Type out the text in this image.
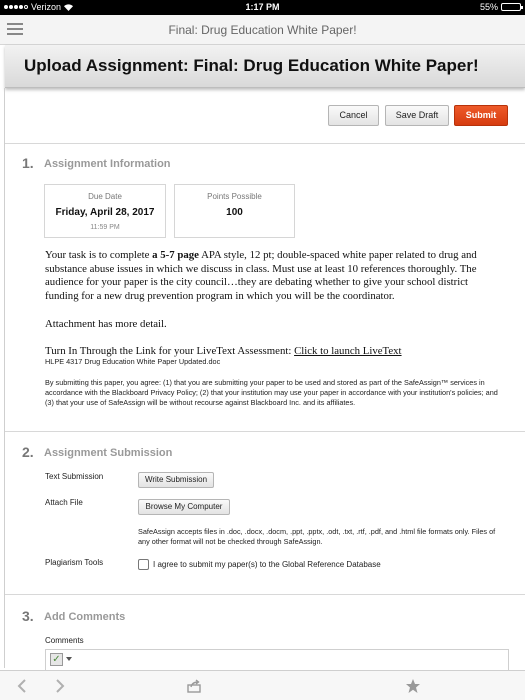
Verizon	1:17 PM	55%
Final: Drug Education White Paper!
Upload Assignment: Final: Drug Education White Paper!
Cancel	Save Draft	Submit
1. Assignment Information
Due Date
Friday, April 28, 2017
11:59 PM
Points Possible
100
Your task is to complete a 5-7 page APA style, 12 pt; double-spaced white paper related to drug and substance abuse issues in which we discuss in class. Must use at least 10 references thoroughly. The audience for your paper is the city council…they are debating whether to give your school district funding for a new drug prevention program in which you will be the coordinator.
Attachment has more detail.
Turn In Through the Link for your LiveText Assessment: Click to launch LiveText
HLPE 4317 Drug Education White Paper Updated.doc
By submitting this paper, you agree: (1) that you are submitting your paper to be used and stored as part of the SafeAssign™ services in accordance with the Blackboard Privacy Policy; (2) that your institution may use your paper in accordance with your institution's policies; and (3) that your use of SafeAssign will be without recourse against Blackboard Inc. and its affiliates.
2. Assignment Submission
Text Submission	Write Submission
Attach File	Browse My Computer
SafeAssign accepts files in .doc, .docx, .docm, .ppt, .pptx, .odt, .txt, .rtf, .pdf, and .html file formats only. Files of any other format will not be checked through SafeAssign.
Plagiarism Tools	I agree to submit my paper(s) to the Global Reference Database
3. Add Comments
Comments
✓
